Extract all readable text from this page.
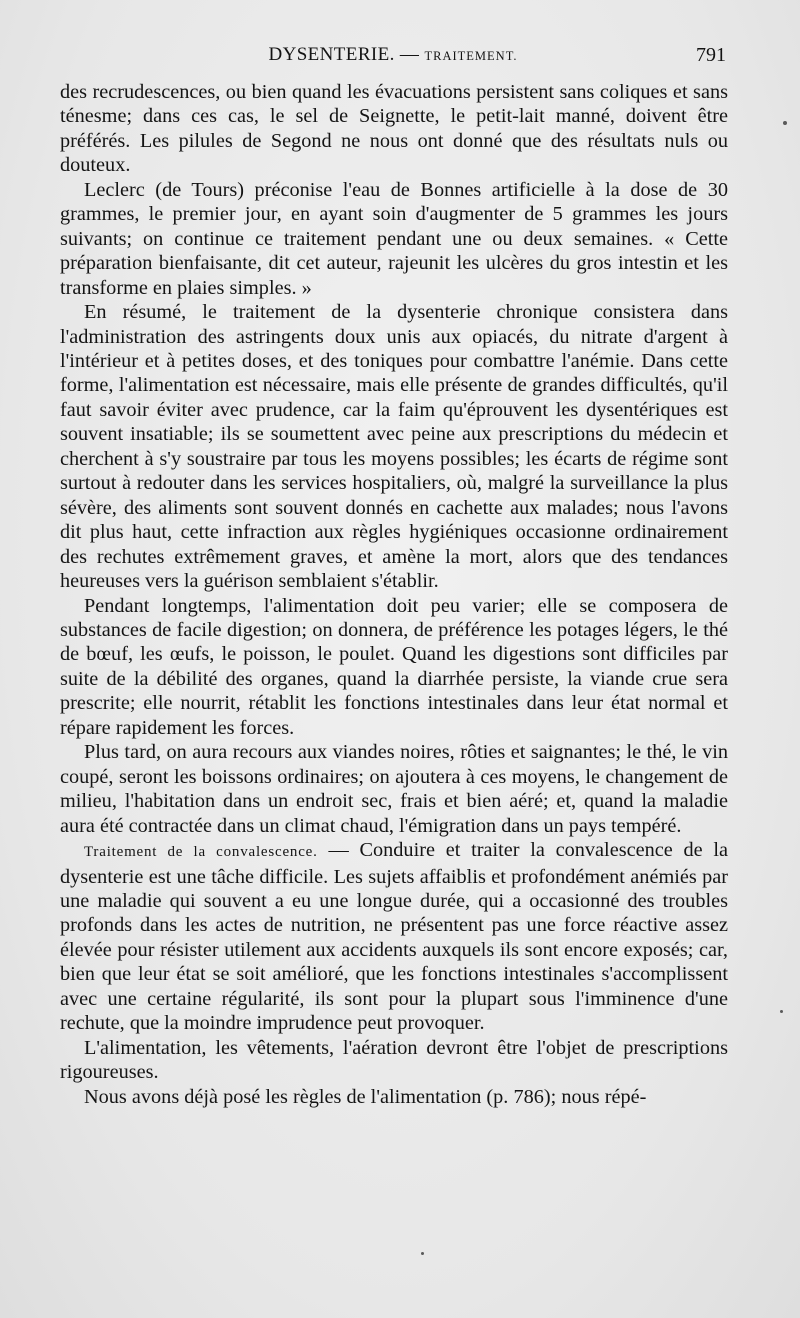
DYSENTERIE. — TRAITEMENT.	791

des recrudescences, ou bien quand les évacuations persistent sans coliques et sans ténesme; dans ces cas, le sel de Seignette, le petit-lait manné, doivent être préférés. Les pilules de Segond ne nous ont donné que des résultats nuls ou douteux.

Leclerc (de Tours) préconise l'eau de Bonnes artificielle à la dose de 30 grammes, le premier jour, en ayant soin d'augmenter de 5 grammes les jours suivants; on continue ce traitement pendant une ou deux semaines. « Cette préparation bienfaisante, dit cet auteur, rajeunit les ulcères du gros intestin et les transforme en plaies simples. »

En résumé, le traitement de la dysenterie chronique consistera dans l'administration des astringents doux unis aux opiacés, du nitrate d'argent à l'intérieur et à petites doses, et des toniques pour combattre l'anémie. Dans cette forme, l'alimentation est nécessaire, mais elle présente de grandes difficultés, qu'il faut savoir éviter avec prudence, car la faim qu'éprouvent les dysentériques est souvent insatiable; ils se soumettent avec peine aux prescriptions du médecin et cherchent à s'y soustraire par tous les moyens possibles; les écarts de régime sont surtout à redouter dans les services hospitaliers, où, malgré la surveillance la plus sévère, des aliments sont souvent donnés en cachette aux malades; nous l'avons dit plus haut, cette infraction aux règles hygiéniques occasionne ordinairement des rechutes extrêmement graves, et amène la mort, alors que des tendances heureuses vers la guérison semblaient s'établir.

Pendant longtemps, l'alimentation doit peu varier; elle se composera de substances de facile digestion; on donnera, de préférence les potages légers, le thé de bœuf, les œufs, le poisson, le poulet. Quand les digestions sont difficiles par suite de la débilité des organes, quand la diarrhée persiste, la viande crue sera prescrite; elle nourrit, rétablit les fonctions intestinales dans leur état normal et répare rapidement les forces.

Plus tard, on aura recours aux viandes noires, rôties et saignantes; le thé, le vin coupé, seront les boissons ordinaires; on ajoutera à ces moyens, le changement de milieu, l'habitation dans un endroit sec, frais et bien aéré; et, quand la maladie aura été contractée dans un climat chaud, l'émigration dans un pays tempéré.

Traitement de la convalescence. — Conduire et traiter la convalescence de la dysenterie est une tâche difficile. Les sujets affaiblis et profondément anémiés par une maladie qui souvent a eu une longue durée, qui a occasionné des troubles profonds dans les actes de nutrition, ne présentent pas une force réactive assez élevée pour résister utilement aux accidents auxquels ils sont encore exposés; car, bien que leur état se soit amélioré, que les fonctions intestinales s'accomplissent avec une certaine régularité, ils sont pour la plupart sous l'imminence d'une rechute, que la moindre imprudence peut provoquer.

L'alimentation, les vêtements, l'aération devront être l'objet de prescriptions rigoureuses.

Nous avons déjà posé les règles de l'alimentation (p. 786); nous répé-
